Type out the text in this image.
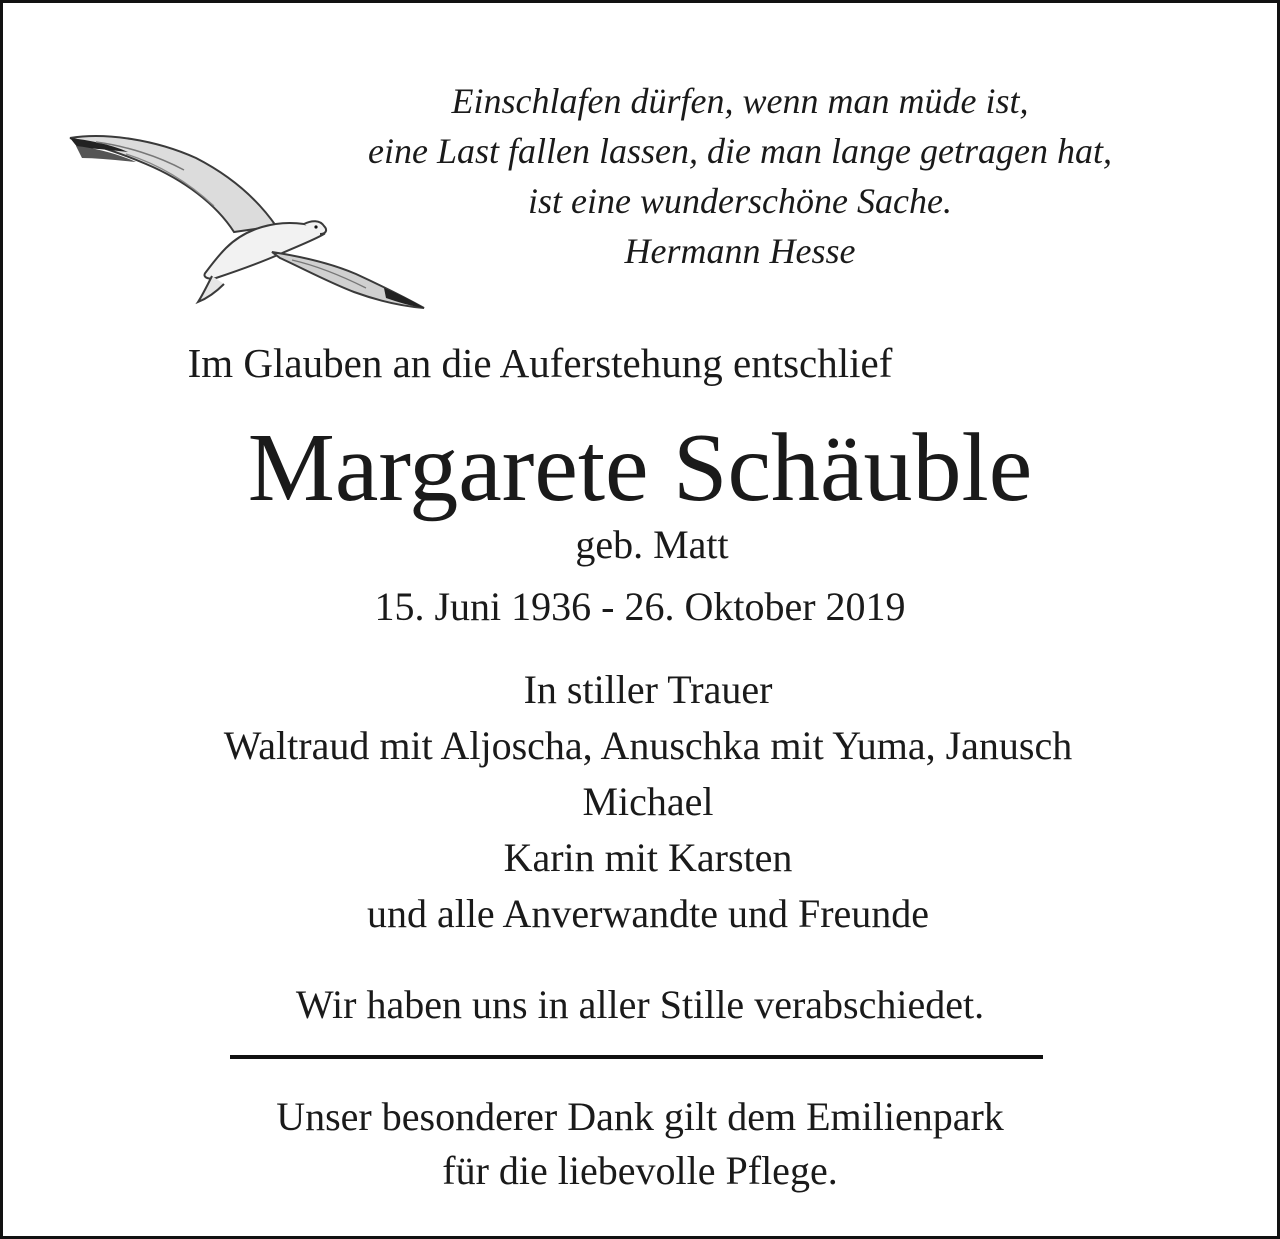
Einschlafen dürfen, wenn man müde ist,
eine Last fallen lassen, die man lange getragen hat,
ist eine wunderschöne Sache.
Hermann Hesse
Im Glauben an die Auferstehung entschlief
Margarete Schäuble
geb. Matt
15. Juni 1936 - 26. Oktober 2019
In stiller Trauer
Waltraud mit Aljoscha, Anuschka mit Yuma, Janusch
Michael
Karin mit Karsten
und alle Anverwandte und Freunde
Wir haben uns in aller Stille verabschiedet.
Unser besonderer Dank gilt dem Emilienpark
für die liebevolle Pflege.
